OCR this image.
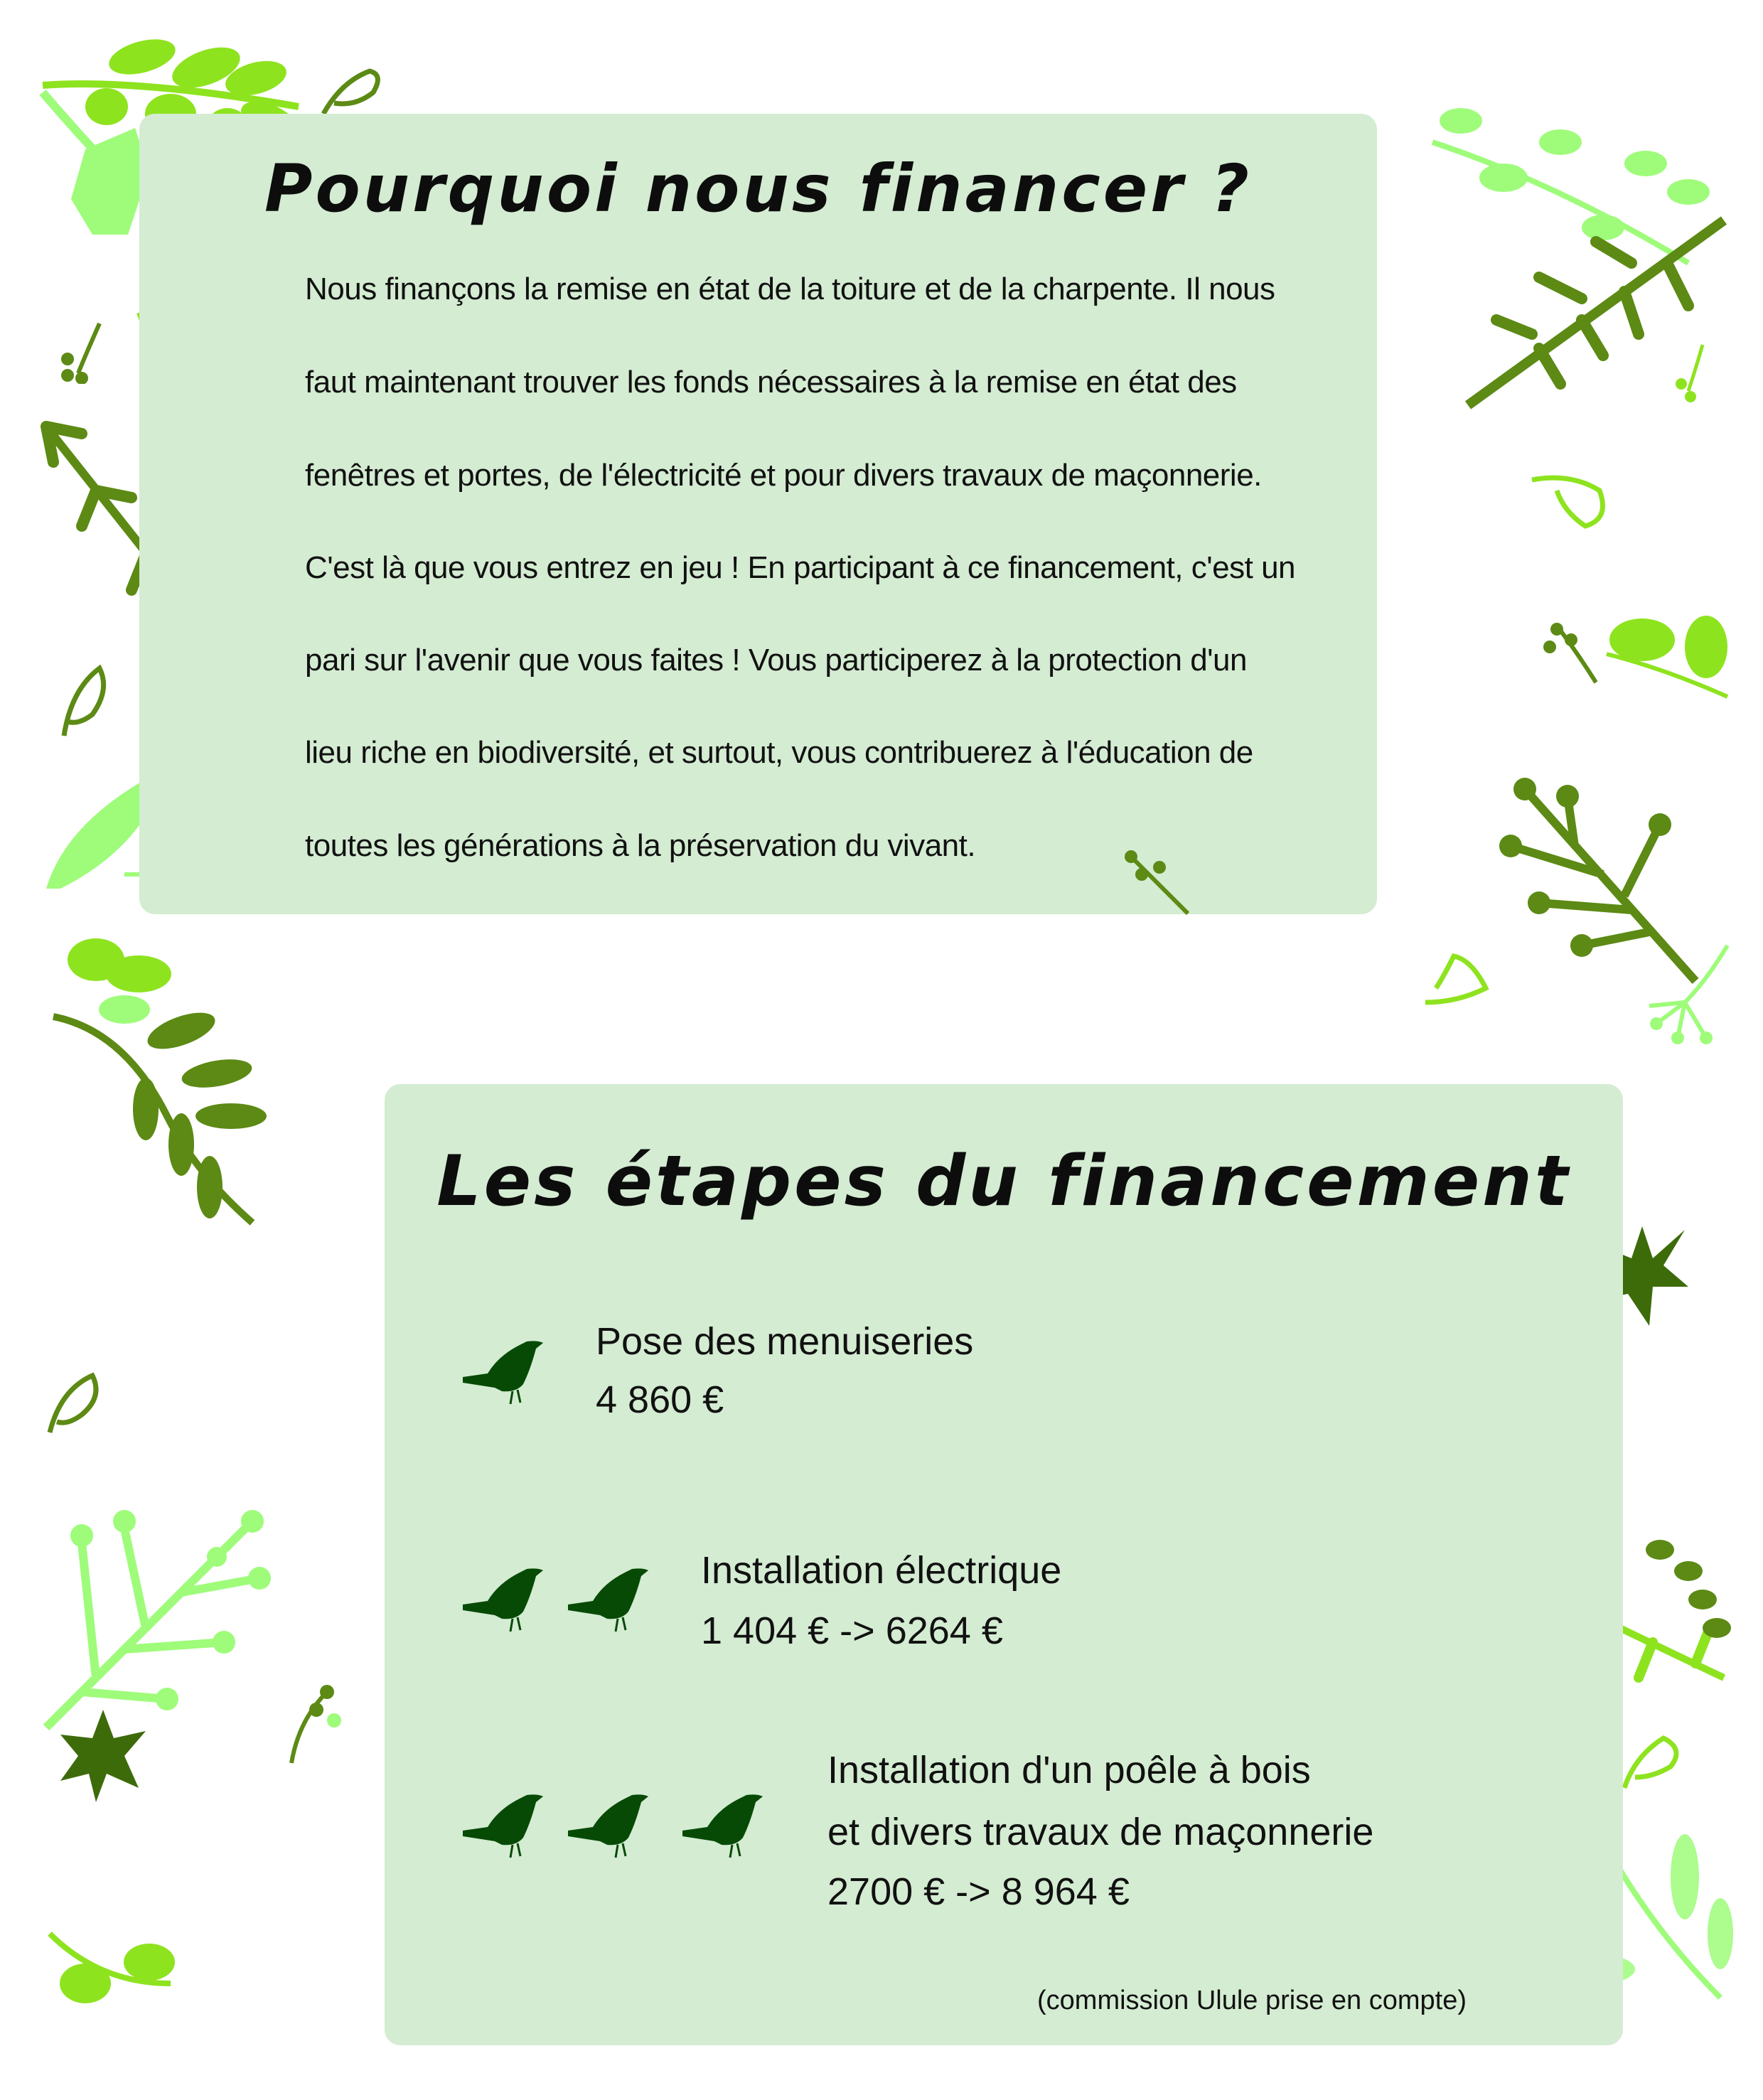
Pourquoi nous financer ?
Nous finançons la remise en état de la toiture et de la charpente. Il nous
faut maintenant trouver les fonds nécessaires à la remise en état des
fenêtres et portes, de l'électricité et pour divers travaux de maçonnerie.
C'est là que vous entrez en jeu ! En participant à ce financement, c'est un
pari sur l'avenir que vous faites ! Vous participerez à la protection d'un
lieu riche en biodiversité, et surtout, vous contribuerez à l'éducation de
toutes les générations à la préservation du vivant.
Les étapes du financement
Pose des menuiseries
4 860 €
Installation électrique
1 404 € -> 6264 €
Installation d'un poêle à bois
et divers travaux de maçonnerie
2700 € -> 8 964 €
(commission Ulule prise en compte)
